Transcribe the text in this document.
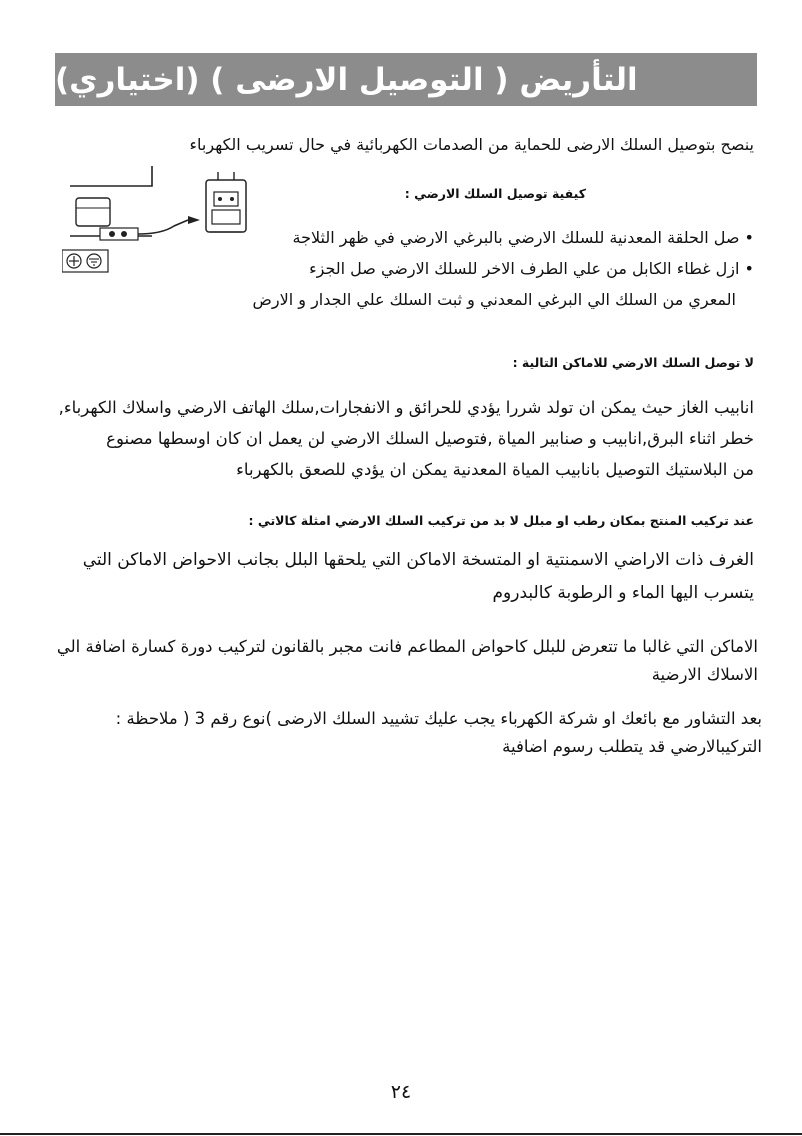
التأريض ( التوصيل الارضى ) (اختياري)
ينصح بتوصيل السلك الارضى للحماية من الصدمات الكهربائية في حال تسريب الكهرباء
كيفية توصيل السلك الارضي :
• صل الحلقة المعدنية للسلك الارضي بالبرغي الارضي في ظهر الثلاجة
• ازل غطاء الكابل من علي الطرف الاخر للسلك الارضي صل الجزء
المعري من السلك الي البرغي المعدني و ثبت السلك علي الجدار و الارض
لا توصل السلك الارضي للاماكن التالية :
انابيب الغاز حيث يمكن ان تولد شررا يؤدي للحرائق و الانفجارات,سلك الهاتف الارضي واسلاك الكهرباء,
خطر اثناء البرق,انابيب و صنابير المياة ,فتوصيل السلك الارضي لن يعمل ان كان اوسطها مصنوع
من البلاستيك التوصيل بانابيب المياة المعدنية يمكن ان يؤدي للصعق بالكهرباء
عند تركيب المنتج بمكان رطب او مبلل لا بد من تركيب السلك الارضي امثلة كالاتي :
الغرف ذات الاراضي الاسمنتية او المتسخة الاماكن التي يلحقها البلل بجانب الاحواض الاماكن التي
يتسرب اليها الماء و الرطوبة كالبدروم
الاماكن التي غالبا ما تتعرض للبلل كاحواض المطاعم فانت مجبر بالقانون لتركيب دورة كسارة اضافة الي
الاسلاك الارضية
بعد التشاور مع بائعك او شركة الكهرباء يجب عليك تشييد السلك الارضى )نوع رقم 3 ( ملاحظة :
التركيبالارضي قد يتطلب رسوم اضافية
٢٤
